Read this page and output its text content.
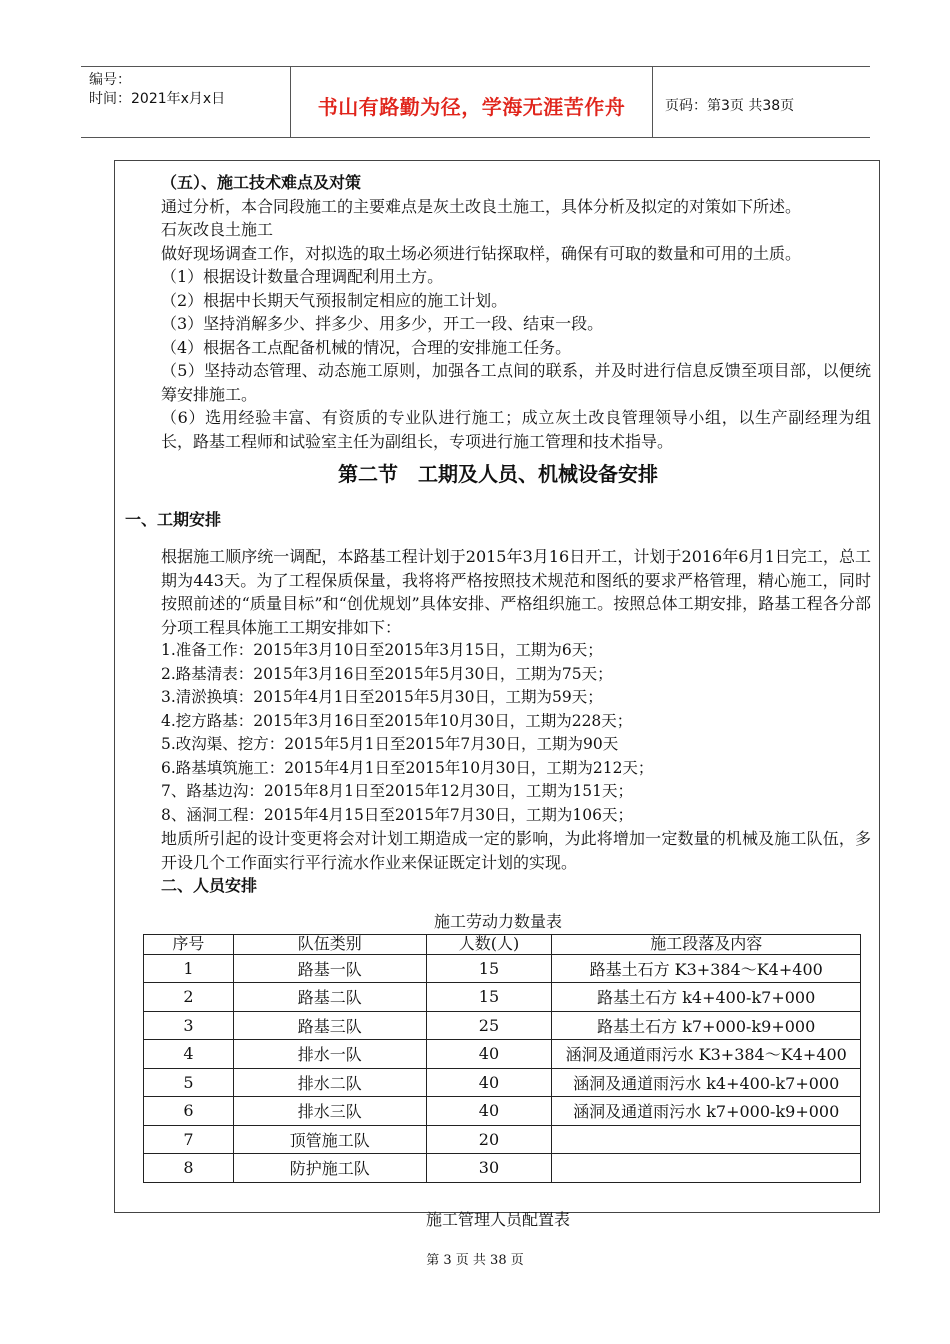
编号：
时间：2021年x月x日	书山有路勤为径，学海无涯苦作舟	页码：第3页 共38页

（五）、施工技术难点及对策

通过分析，本合同段施工的主要难点是灰土改良土施工，具体分析及拟定的对策如下所述。

石灰改良土施工

做好现场调查工作，对拟选的取土场必须进行钻探取样，确保有可取的数量和可用的土质。

（1）根据设计数量合理调配利用土方。

（2）根据中长期天气预报制定相应的施工计划。

（3）坚持消解多少、拌多少、用多少，开工一段、结束一段。

（4）根据各工点配备机械的情况，合理的安排施工任务。

（5）坚持动态管理、动态施工原则，加强各工点间的联系，并及时进行信息反馈至项目部，以便统筹安排施工。

（6）选用经验丰富、有资质的专业队进行施工；成立灰土改良管理领导小组，以生产副经理为组长，路基工程师和试验室主任为副组长，专项进行施工管理和技术指导。

第二节　工期及人员、机械设备安排
一、工期安排

根据施工顺序统一调配，本路基工程计划于2015年3月16日开工，计划于2016年6月1日完工，总工期为443天。为了工程保质保量，我将将严格按照技术规范和图纸的要求严格管理，精心施工，同时按照前述的“质量目标”和“创优规划”具体安排、严格组织施工。按照总体工期安排，路基工程各分部分项工程具体施工工期安排如下：

1.准备工作：2015年3月10日至2015年3月15日，工期为6天；

2.路基清表：2015年3月16日至2015年5月30日，工期为75天；

3.清淤换填：2015年4月1日至2015年5月30日，工期为59天；

4.挖方路基：2015年3月16日至2015年10月30日，工期为228天；

5.改沟渠、挖方：2015年5月1日至2015年7月30日，工期为90天

6.路基填筑施工：2015年4月1日至2015年10月30日，工期为212天；

7、路基边沟：2015年8月1日至2015年12月30日，工期为151天；

8、涵洞工程：2015年4月15日至2015年7月30日，工期为106天；

地质所引起的设计变更将会对计划工期造成一定的影响，为此将增加一定数量的机械及施工队伍，多开设几个工作面实行平行流水作业来保证既定计划的实现。

二、人员安排

施工劳动力数量表
序号	队伍类别	人数(人)	施工段落及内容
1	路基一队	15	路基土石方 K3+384～K4+400
2	路基二队	15	路基土石方 k4+400-k7+000
3	路基三队	25	路基土石方 k7+000-k9+000
4	排水一队	40	涵洞及通道雨污水 K3+384～K4+400
5	排水二队	40	涵洞及通道雨污水 k4+400-k7+000
6	排水三队	40	涵洞及通道雨污水 k7+000-k9+000
7	顶管施工队	20	
8	防护施工队	30	
施工管理人员配置表
第 3 页 共 38 页
